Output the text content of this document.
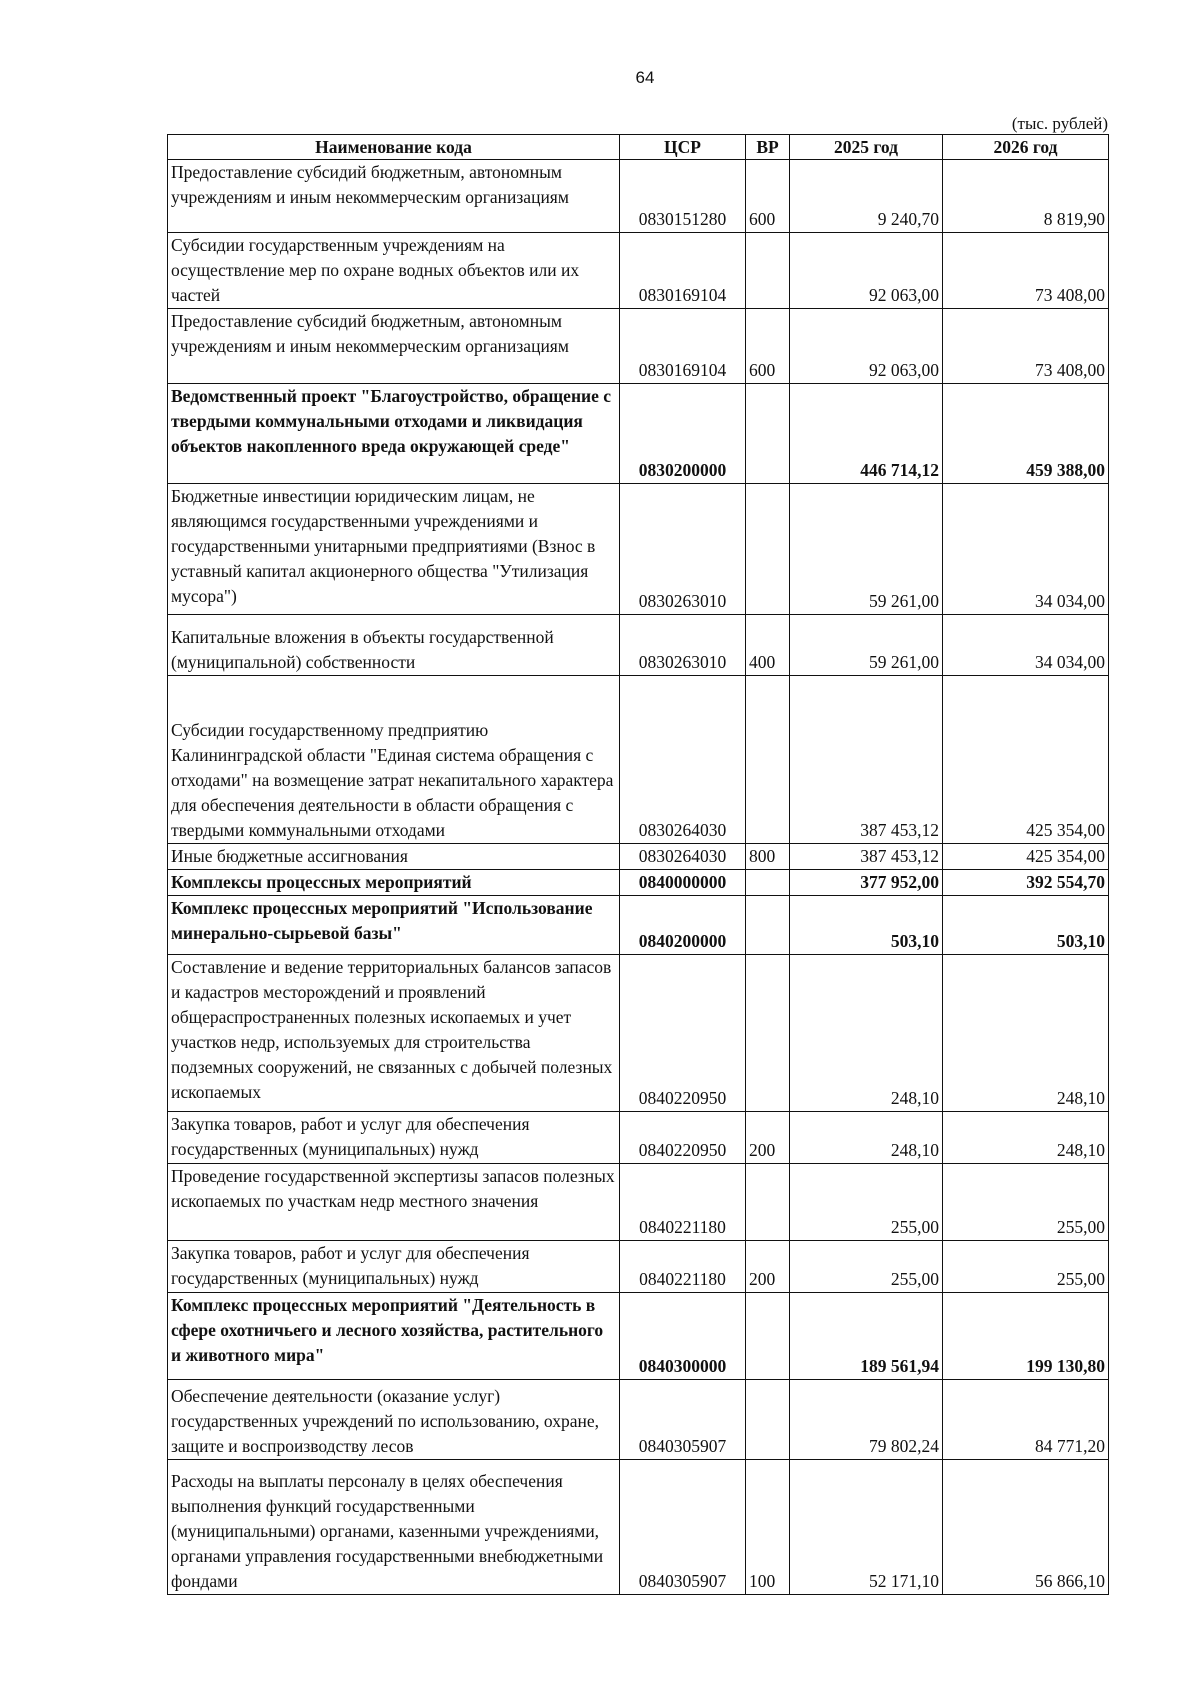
64
(тыс. рублей)
Наименование кода	ЦСР	ВР	2025 год	2026 год
Предоставление субсидий бюджетным, автономным учреждениям и иным некоммерческим организациям	0830151280	600	9 240,70	8 819,90
Субсидии государственным учреждениям на осуществление мер по охране водных объектов или их частей	0830169104		92 063,00	73 408,00
Предоставление субсидий бюджетным, автономным учреждениям и иным некоммерческим организациям	0830169104	600	92 063,00	73 408,00
Ведомственный проект "Благоустройство, обращение с твердыми коммунальными отходами и ликвидация объектов накопленного вреда окружающей среде"	0830200000		446 714,12	459 388,00
Бюджетные инвестиции юридическим лицам, не являющимся государственными учреждениями и государственными унитарными предприятиями (Взнос в уставный капитал акционерного общества "Утилизация мусора")	0830263010		59 261,00	34 034,00
Капитальные вложения в объекты государственной (муниципальной) собственности	0830263010	400	59 261,00	34 034,00
Субсидии государственному предприятию Калининградской области "Единая система обращения с отходами" на возмещение затрат некапитального характера для обеспечения деятельности в области обращения с твердыми коммунальными отходами	0830264030		387 453,12	425 354,00
Иные бюджетные ассигнования	0830264030	800	387 453,12	425 354,00
Комплексы процессных мероприятий	0840000000		377 952,00	392 554,70
Комплекс процессных мероприятий "Использование минерально-сырьевой базы"	0840200000		503,10	503,10
Составление и ведение территориальных балансов запасов и кадастров месторождений и проявлений общераспространенных полезных ископаемых и учет участков недр, используемых для строительства подземных сооружений, не связанных с добычей полезных ископаемых	0840220950		248,10	248,10
Закупка товаров, работ и услуг для обеспечения государственных (муниципальных) нужд	0840220950	200	248,10	248,10
Проведение государственной экспертизы запасов полезных ископаемых по участкам недр местного значения	0840221180		255,00	255,00
Закупка товаров, работ и услуг для обеспечения государственных (муниципальных) нужд	0840221180	200	255,00	255,00
Комплекс процессных мероприятий "Деятельность в сфере охотничьего и лесного хозяйства, растительного и животного мира"	0840300000		189 561,94	199 130,80
Обеспечение деятельности (оказание услуг) государственных учреждений по использованию, охране, защите и воспроизводству лесов	0840305907		79 802,24	84 771,20
Расходы на выплаты персоналу в целях обеспечения выполнения функций государственными (муниципальными) органами, казенными учреждениями, органами управления государственными внебюджетными фондами	0840305907	100	52 171,10	56 866,10
